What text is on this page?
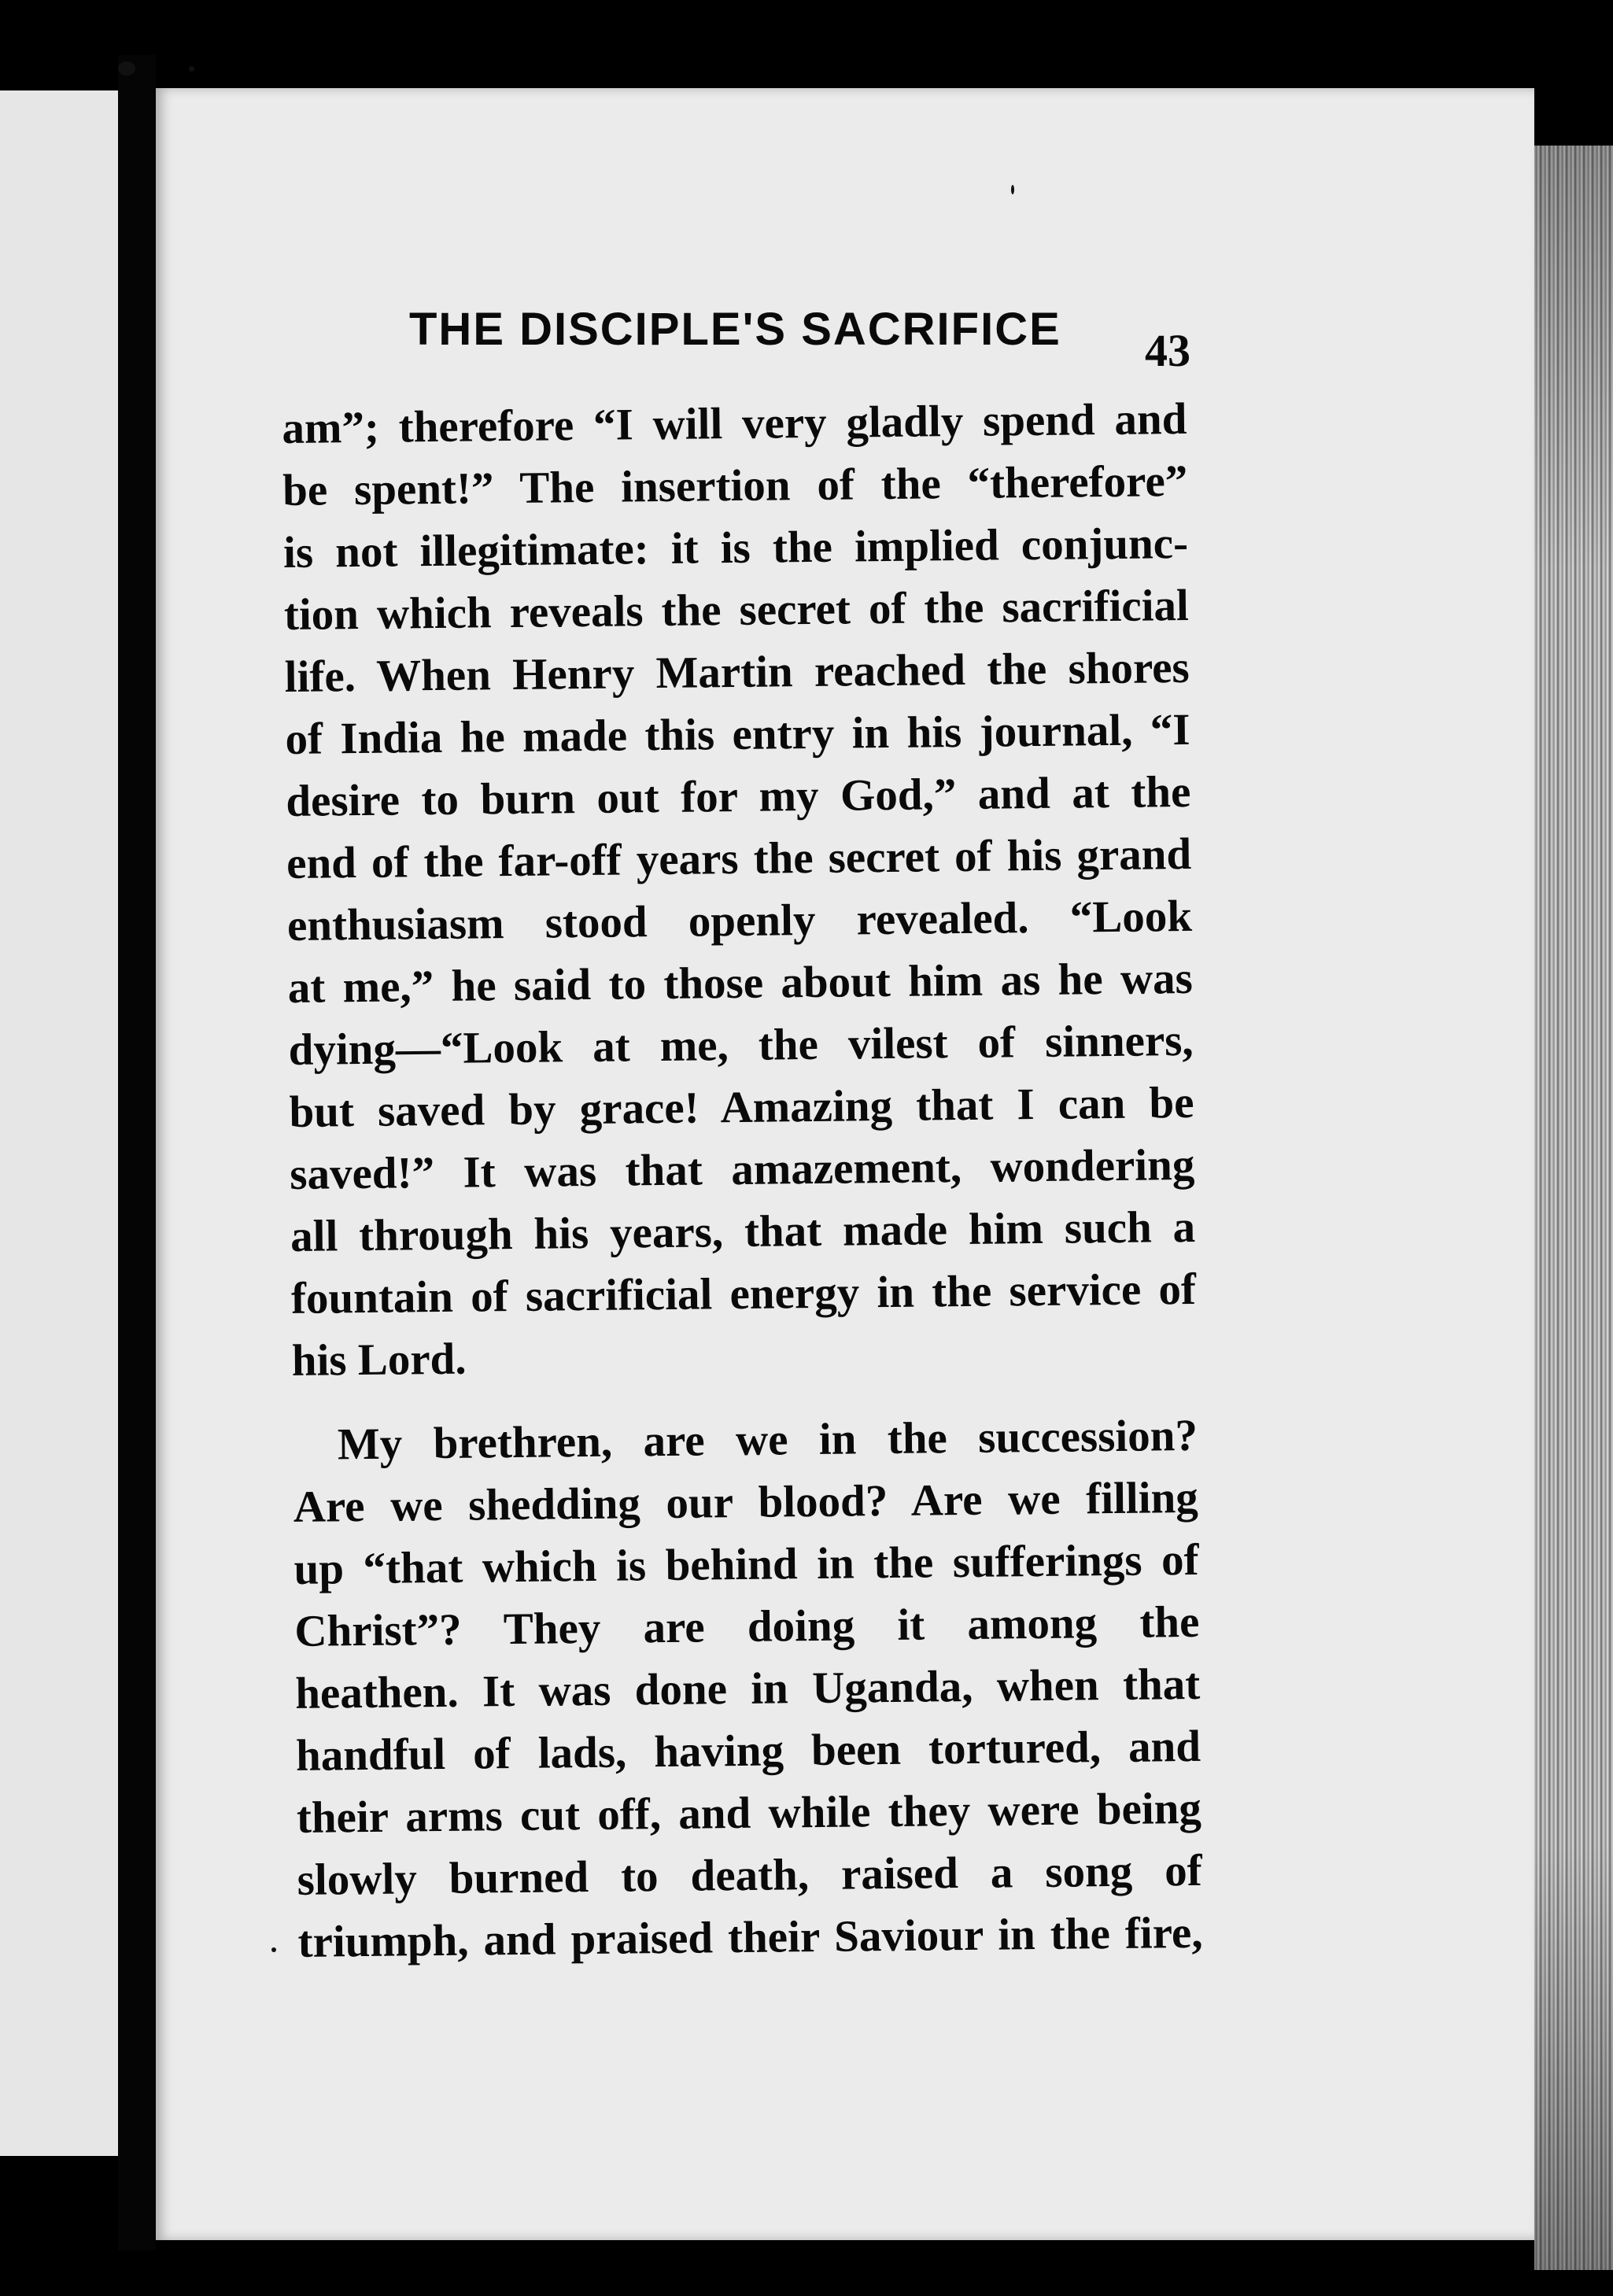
THE DISCIPLE'S SACRIFICE	43
am”; therefore “I will very gladly spend and
be spent!” The insertion of the “therefore”
is not illegitimate: it is the implied conjunc-
tion which reveals the secret of the sacrificial
life. When Henry Martin reached the shores
of India he made this entry in his journal, “I
desire to burn out for my God,” and at the
end of the far-off years the secret of his grand
enthusiasm stood openly revealed. “Look
at me,” he said to those about him as he was
dying—“Look at me, the vilest of sinners,
but saved by grace! Amazing that I can be
saved!” It was that amazement, wondering
all through his years, that made him such a
fountain of sacrificial energy in the service of
his Lord.
My brethren, are we in the succession?
Are we shedding our blood? Are we filling
up “that which is behind in the sufferings of
Christ”? They are doing it among the
heathen. It was done in Uganda, when that
handful of lads, having been tortured, and
their arms cut off, and while they were being
slowly burned to death, raised a song of
triumph, and praised their Saviour in the fire,
